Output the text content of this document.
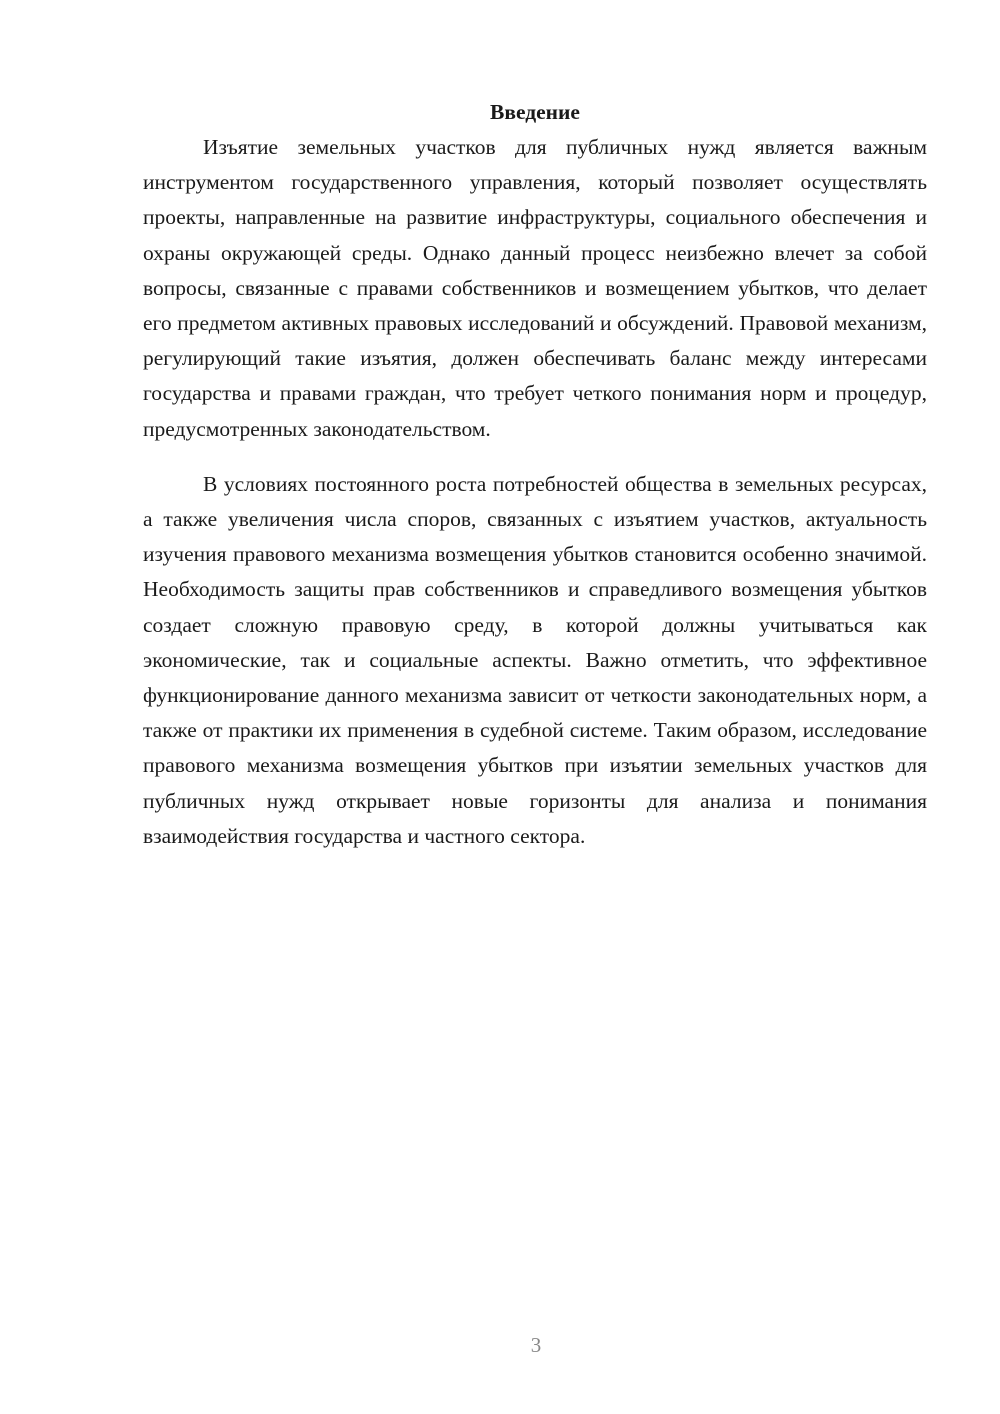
Введение

Изъятие земельных участков для публичных нужд является важным инструментом государственного управления, который позволяет осуществлять проекты, направленные на развитие инфраструктуры, социального обеспечения и охраны окружающей среды. Однако данный процесс неизбежно влечет за собой вопросы, связанные с правами собственников и возмещением убытков, что делает его предметом активных правовых исследований и обсуждений. Правовой механизм, регулирующий такие изъятия, должен обеспечивать баланс между интересами государства и правами граждан, что требует четкого понимания норм и процедур, предусмотренных законодательством.

В условиях постоянного роста потребностей общества в земельных ресурсах, а также увеличения числа споров, связанных с изъятием участков, актуальность изучения правового механизма возмещения убытков становится особенно значимой. Необходимость защиты прав собственников и справедливого возмещения убытков создает сложную правовую среду, в которой должны учитываться как экономические, так и социальные аспекты. Важно отметить, что эффективное функционирование данного механизма зависит от четкости законодательных норм, а также от практики их применения в судебной системе. Таким образом, исследование правового механизма возмещения убытков при изъятии земельных участков для публичных нужд открывает новые горизонты для анализа и понимания взаимодействия государства и частного сектора.

3
